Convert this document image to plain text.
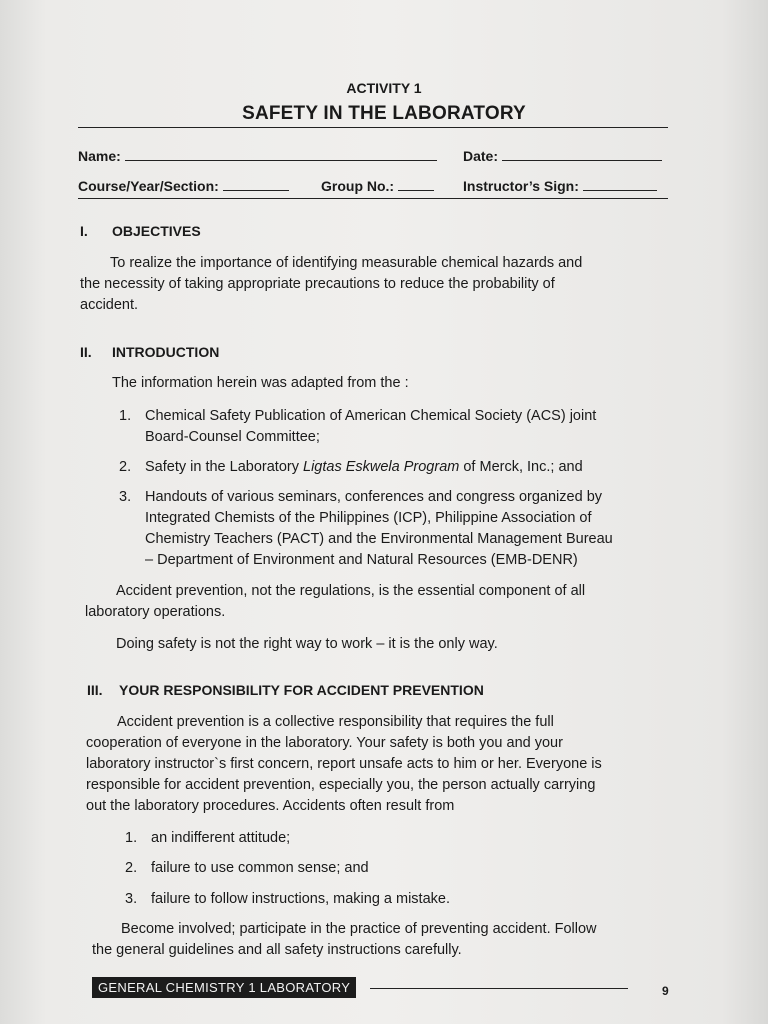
ACTIVITY 1
SAFETY IN THE LABORATORY
Name:	Date:
Course/Year/Section:	Group No.:	Instructor’s Sign:
I. OBJECTIVES
To realize the importance of identifying measurable chemical hazards and
the necessity of taking appropriate precautions to reduce the probability of
accident.
II. INTRODUCTION
The information herein was adapted from the :
1. Chemical Safety Publication of American Chemical Society (ACS) joint
Board-Counsel Committee;
2. Safety in the Laboratory Ligtas Eskwela Program of Merck, Inc.; and
3. Handouts of various seminars, conferences and congress organized by
Integrated Chemists of the Philippines (ICP), Philippine Association of
Chemistry Teachers (PACT) and the Environmental Management Bureau
– Department of Environment and Natural Resources (EMB-DENR)
Accident prevention, not the regulations, is the essential component of all
laboratory operations.
Doing safety is not the right way to work – it is the only way.
III. YOUR RESPONSIBILITY FOR ACCIDENT PREVENTION
Accident prevention is a collective responsibility that requires the full
cooperation of everyone in the laboratory. Your safety is both you and your
laboratory instructor`s first concern, report unsafe acts to him or her. Everyone is
responsible for accident prevention, especially you, the person actually carrying
out the laboratory procedures. Accidents often result from
1. an indifferent attitude;
2. failure to use common sense; and
3. failure to follow instructions, making a mistake.
Become involved; participate in the practice of preventing accident. Follow
the general guidelines and all safety instructions carefully.
GENERAL CHEMISTRY 1 LABORATORY	9
